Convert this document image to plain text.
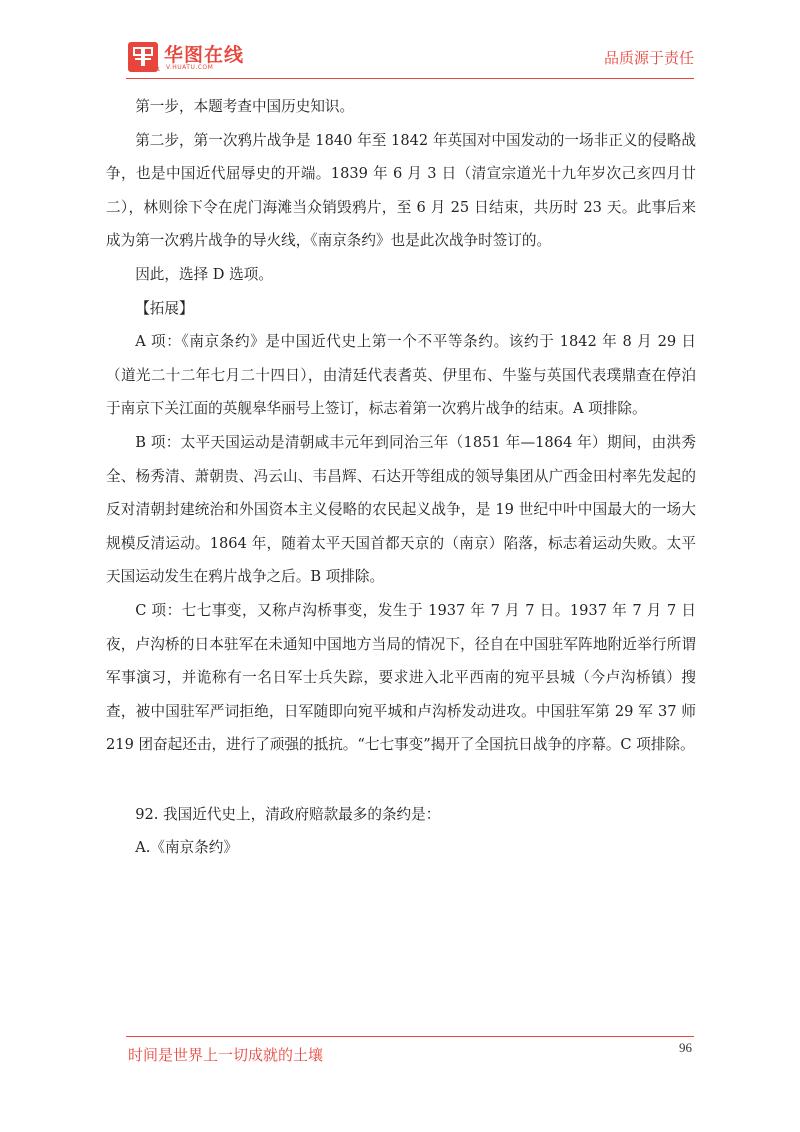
SINCE 2001
华图在线
V.HUATU.COM
品质源于责任

第一步，本题考查中国历史知识。

第二步，第一次鸦片战争是 1840 年至 1842 年英国对中国发动的一场非正义的侵略战争，也是中国近代屈辱史的开端。1839 年 6 月 3 日（清宣宗道光十九年岁次己亥四月廿二），林则徐下令在虎门海滩当众销毁鸦片，至 6 月 25 日结束，共历时 23 天。此事后来成为第一次鸦片战争的导火线，《南京条约》也是此次战争时签订的。

因此，选择 D 选项。

【拓展】

A 项：《南京条约》是中国近代史上第一个不平等条约。该约于 1842 年 8 月 29 日（道光二十二年七月二十四日），由清廷代表耆英、伊里布、牛鉴与英国代表璞鼎查在停泊于南京下关江面的英舰皋华丽号上签订，标志着第一次鸦片战争的结束。A 项排除。

B 项：太平天国运动是清朝咸丰元年到同治三年（1851 年—1864 年）期间，由洪秀全、杨秀清、萧朝贵、冯云山、韦昌辉、石达开等组成的领导集团从广西金田村率先发起的反对清朝封建统治和外国资本主义侵略的农民起义战争，是 19 世纪中叶中国最大的一场大规模反清运动。1864 年，随着太平天国首都天京的（南京）陷落，标志着运动失败。太平天国运动发生在鸦片战争之后。B 项排除。

C 项：七七事变，又称卢沟桥事变，发生于 1937 年 7 月 7 日。1937 年 7 月 7 日夜，卢沟桥的日本驻军在未通知中国地方当局的情况下，径自在中国驻军阵地附近举行所谓军事演习，并诡称有一名日军士兵失踪，要求进入北平西南的宛平县城（今卢沟桥镇）搜查，被中国驻军严词拒绝，日军随即向宛平城和卢沟桥发动进攻。中国驻军第 29 军 37 师 219 团奋起还击，进行了顽强的抵抗。“七七事变”揭开了全国抗日战争的序幕。C 项排除。

92. 我国近代史上，清政府赔款最多的条约是：

A.《南京条约》

时间是世界上一切成就的土壤	96
